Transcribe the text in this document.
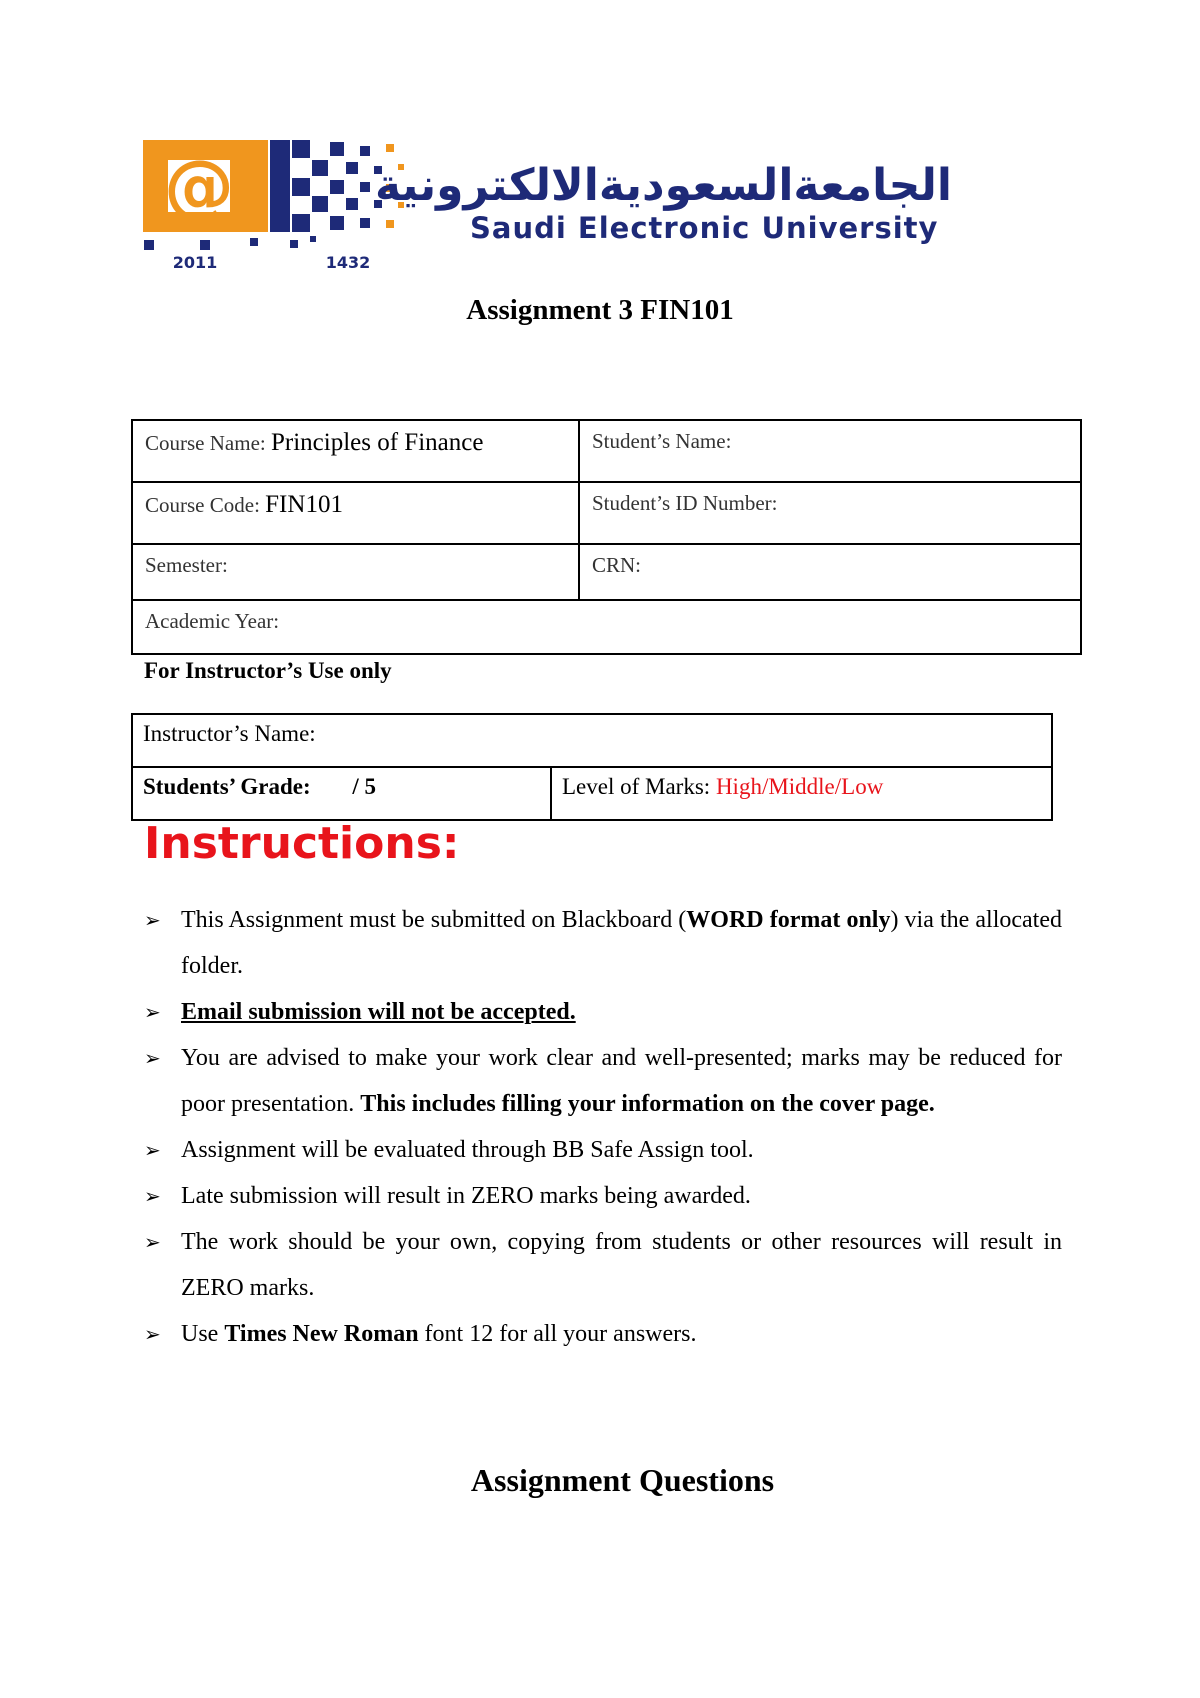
@
2011	1432
الجامعةالسعوديةالالكترونية
Saudi Electronic University
Assignment 3 FIN101
Course Name: Principles of Finance	Student’s Name:
Course Code: FIN101	Student’s ID Number:
Semester:	CRN:
Academic Year:	
For Instructor’s Use only
Instructor’s Name:
Students’ Grade: / 5	Level of Marks: High/Middle/Low
Instructions:
➢ This Assignment must be submitted on Blackboard (WORD format only) via the allocated folder.
➢ Email submission will not be accepted.
➢ You are advised to make your work clear and well-presented; marks may be reduced for poor presentation. This includes filling your information on the cover page.
➢ Assignment will be evaluated through BB Safe Assign tool.
➢ Late submission will result in ZERO marks being awarded.
➢ The work should be your own, copying from students or other resources will result in ZERO marks.
➢ Use Times New Roman font 12 for all your answers.
Assignment Questions
